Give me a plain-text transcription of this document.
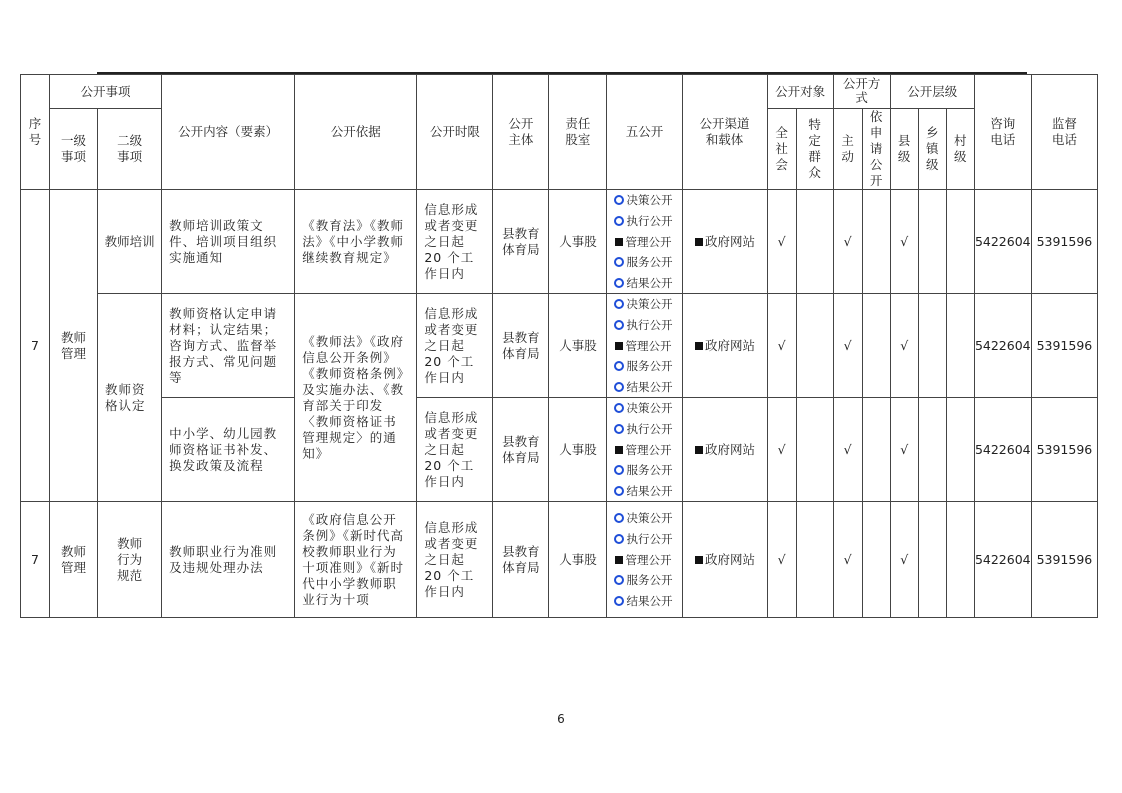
序号	公开事项		公开内容（要素）	公开依据	公开时限	公开主体	责任股室	五公开	公开渠道和载体	公开对象		公开方式		公开层级			咨询电话	监督电话
	一级事项	二级事项								全社会	特定群众	主动	依申请公开	县级	乡镇级	村级		
7	教师管理	教师培训	教师培训政策文件、培训项目组织实施通知	《教育法》《教师法》《中小学教师继续教育规定》	信息形成或者变更之日起 20 个工作日内	县教育体育局	人事股	决策公开
执行公开
管理公开
服务公开
结果公开	政府网站	√		√		√			5422604	5391596
		教师资格认定	教师资格认定申请材料；认定结果；咨询方式、监督举报方式、常见问题等	《教师法》《政府信息公开条例》《教师资格条例》及实施办法、《教育部关于印发〈教师资格证书管理规定〉的通知》	信息形成或者变更之日起 20 个工作日内	县教育体育局	人事股	决策公开
执行公开
管理公开
服务公开
结果公开	政府网站	√		√		√			5422604	5391596
			中小学、幼儿园教师资格证书补发、换发政策及流程		信息形成或者变更之日起 20 个工作日内	县教育体育局	人事股	决策公开
执行公开
管理公开
服务公开
结果公开	政府网站	√		√		√			5422604	5391596
7	教师管理	教师行为规范	教师职业行为准则及违规处理办法	《政府信息公开条例》《新时代高校教师职业行为十项准则》《新时代中小学教师职业行为十项	信息形成或者变更之日起 20 个工作日内	县教育体育局	人事股	决策公开
执行公开
管理公开
服务公开
结果公开	政府网站	√		√		√			5422604	5391596
6
